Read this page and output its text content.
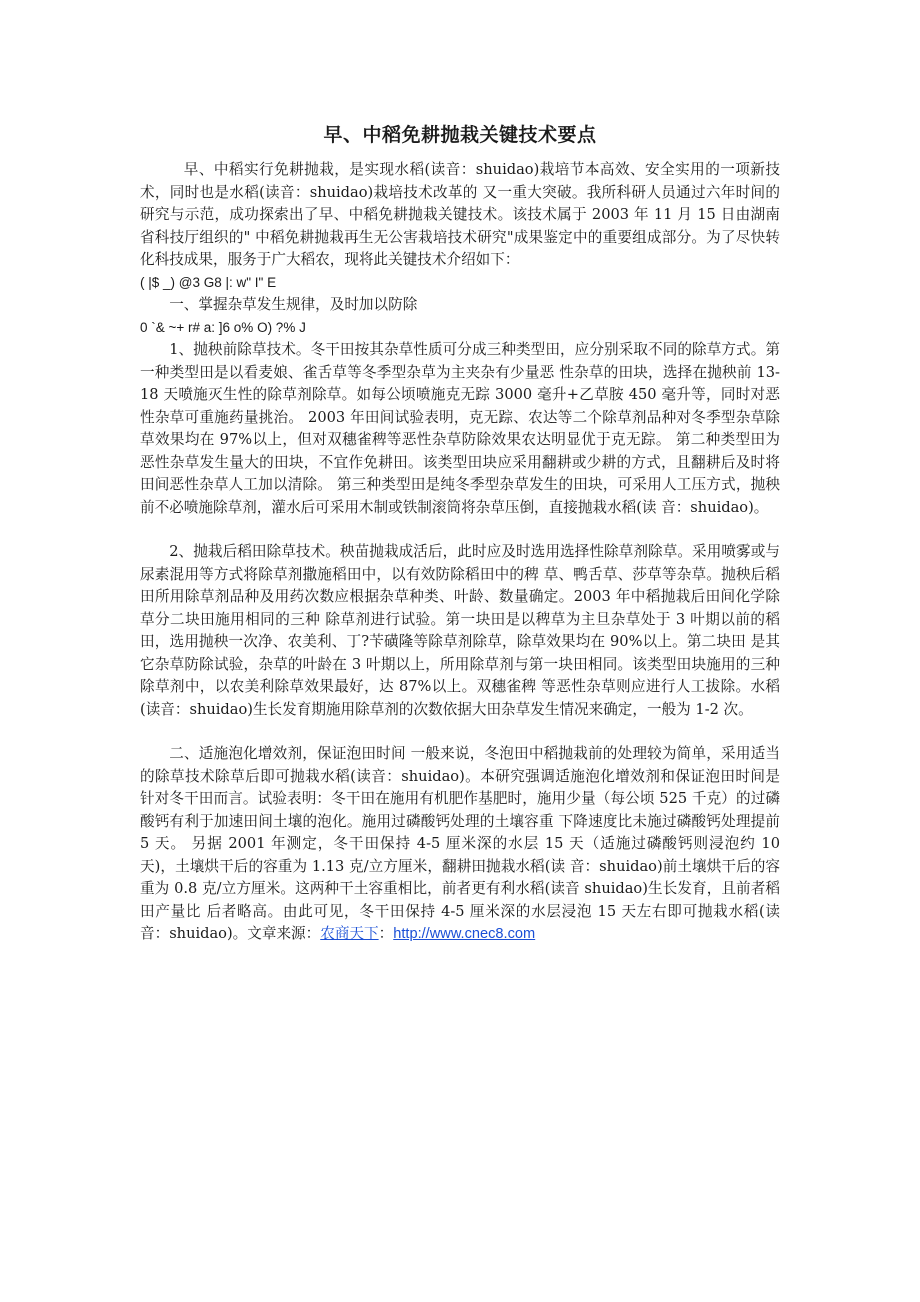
早、中稻免耕抛栽关键技术要点

早、中稻实行免耕抛栽，是实现水稻(读音：shuidao)栽培节本高效、安全实用的一项新技术，同时也是水稻(读音：shuidao)栽培技术改革的 又一重大突破。我所科研人员通过六年时间的研究与示范，成功探索出了早、中稻免耕抛栽关键技术。该技术属于 2003 年 11 月 15 日由湖南省科技厅组织的" 中稻免耕抛栽再生无公害栽培技术研究"成果鉴定中的重要组成部分。为了尽快转化科技成果，服务于广大稻农，现将此关键技术介绍如下：

( |$ _) @3 G8 |: w" I" E

一、掌握杂草发生规律，及时加以防除

0 `& ~+ r# a: ]6 o% O) ?% J

1、抛秧前除草技术。冬干田按其杂草性质可分成三种类型田，应分别采取不同的除草方式。第一种类型田是以看麦娘、雀舌草等冬季型杂草为主夹杂有少量恶 性杂草的田块，选择在抛秧前 13-18 天喷施灭生性的除草剂除草。如每公顷喷施克无踪 3000 毫升+乙草胺 450 毫升等，同时对恶性杂草可重施药量挑治。 2003 年田间试验表明，克无踪、农达等二个除草剂品种对冬季型杂草除草效果均在 97%以上，但对双穗雀稗等恶性杂草防除效果农达明显优于克无踪。 第二种类型田为恶性杂草发生量大的田块，不宜作免耕田。该类型田块应采用翻耕或少耕的方式，且翻耕后及时将田间恶性杂草人工加以清除。 第三种类型田是纯冬季型杂草发生的田块，可采用人工压方式，抛秧前不必喷施除草剂，灌水后可采用木制或铁制滚筒将杂草压倒，直接抛栽水稻(读 音：shuidao)。

2、抛栽后稻田除草技术。秧苗抛栽成活后，此时应及时选用选择性除草剂除草。采用喷雾或与尿素混用等方式将除草剂撒施稻田中，以有效防除稻田中的稗 草、鸭舌草、莎草等杂草。抛秧后稻田所用除草剂品种及用药次数应根据杂草种类、叶龄、数量确定。2003 年中稻抛栽后田间化学除草分二块田施用相同的三种 除草剂进行试验。第一块田是以稗草为主旦杂草处于 3 叶期以前的稻田，选用抛秧一次净、农美利、丁?苄磺隆等除草剂除草，除草效果均在 90%以上。第二块田 是其它杂草防除试验，杂草的叶龄在 3 叶期以上，所用除草剂与第一块田相同。该类型田块施用的三种除草剂中，以农美利除草效果最好，达 87%以上。双穗雀稗 等恶性杂草则应进行人工拔除。水稻(读音：shuidao)生长发育期施用除草剂的次数依据大田杂草发生情况来确定，一般为 1-2 次。

二、适施泡化增效剂，保证泡田时间 一般来说，冬泡田中稻抛栽前的处理较为简单，采用适当的除草技术除草后即可抛栽水稻(读音：shuidao)。本研究强调适施泡化增效剂和保证泡田时间是 针对冬干田而言。试验表明：冬干田在施用有机肥作基肥时，施用少量（每公顷 525 千克）的过磷酸钙有利于加速田间土壤的泡化。施用过磷酸钙处理的土壤容重 下降速度比未施过磷酸钙处理提前 5 天。 另据 2001 年测定，冬干田保持 4-5 厘米深的水层 15 天（适施过磷酸钙则浸泡约 10 天)，土壤烘干后的容重为 1.13 克/立方厘米，翻耕田抛栽水稻(读 音：shuidao)前土壤烘干后的容重为 0.8 克/立方厘米。这两种干土容重相比，前者更有利水稻(读音 shuidao)生长发育，且前者稻田产量比 后者略高。由此可见，冬干田保持 4-5 厘米深的水层浸泡 15 天左右即可抛栽水稻(读音：shuidao)。文章来源：农商天下：http://www.cnec8.com
